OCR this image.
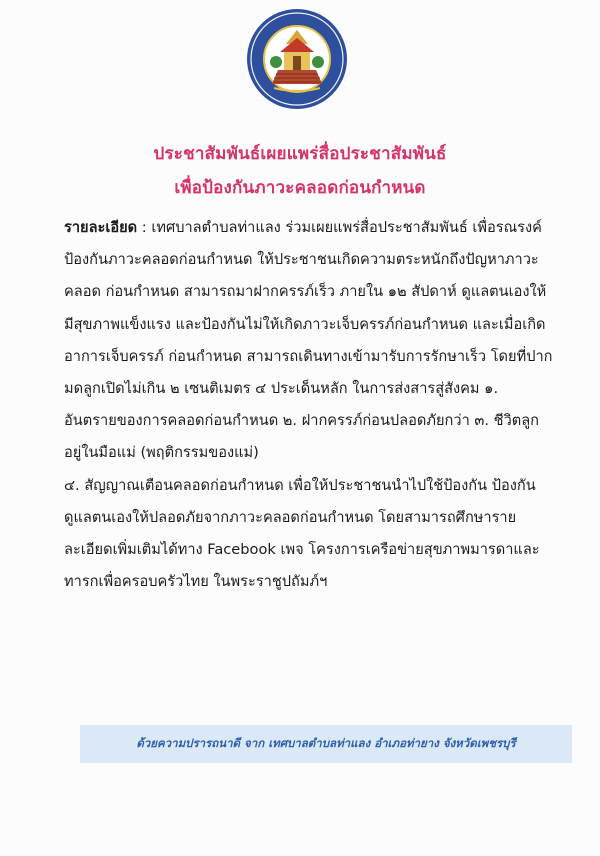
ประชาสัมพันธ์เผยแพร่สื่อประชาสัมพันธ์
เพื่อป้องกันภาวะคลอดก่อนกำหนด

รายละเอียด : เทศบาลตำบลท่าแลง ร่วมเผยแพร่สื่อประชาสัมพันธ์ เพื่อรณรงค์ป้องกันภาวะคลอดก่อนกำหนด ให้ประชาชนเกิดความตระหนักถึงปัญหาภาวะคลอด ก่อนกำหนด สามารถมาฝากครรภ์เร็ว ภายใน ๑๒ สัปดาห์ ดูแลตนเองให้มีสุขภาพแข็งแรง และป้องกันไม่ให้เกิดภาวะเจ็บครรภ์ก่อนกำหนด และเมื่อเกิดอาการเจ็บครรภ์ ก่อนกำหนด สามารถเดินทางเข้ามารับการรักษาเร็ว โดยที่ปากมดลูกเปิดไม่เกิน ๒ เซนติเมตร ๔ ประเด็นหลัก ในการส่งสารสู่สังคม ๑. อันตรายของการคลอดก่อนกำหนด ๒. ฝากครรภ์ก่อนปลอดภัยกว่า ๓. ชีวิตลูกอยู่ในมือแม่ (พฤติกรรมของแม่)

๔. สัญญาณเตือนคลอดก่อนกำหนด เพื่อให้ประชาชนนำไปใช้ป้องกัน ป้องกันดูแลตนเองให้ปลอดภัยจากภาวะคลอดก่อนกำหนด โดยสามารถศึกษารายละเอียดเพิ่มเติมได้ทาง Facebook เพจ โครงการเครือข่ายสุขภาพมารดาและทารกเพื่อครอบครัวไทย ในพระราชูปถัมภ์ฯ

ด้วยความปรารถนาดี จาก เทศบาลตำบลท่าแลง อำเภอท่ายาง จังหวัดเพชรบุรี
